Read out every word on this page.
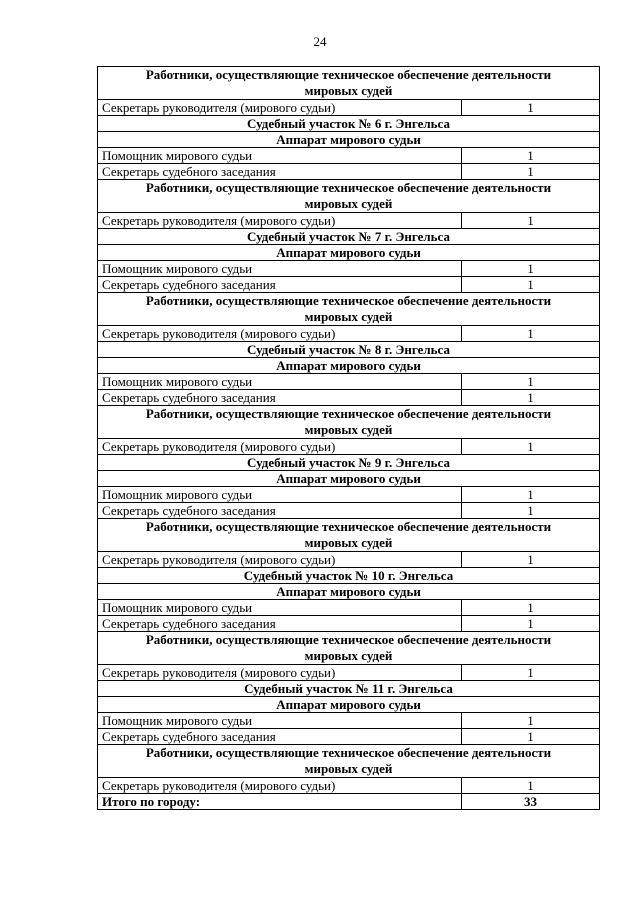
24
Работники, осуществляющие техническое обеспечение деятельности мировых судей	
Секретарь руководителя (мирового судьи)	1
Судебный участок № 6 г. Энгельса	
Аппарат мирового судьи	
Помощник мирового судьи	1
Секретарь судебного заседания	1
Работники, осуществляющие техническое обеспечение деятельности мировых судей	
Секретарь руководителя (мирового судьи)	1
Судебный участок № 7 г. Энгельса	
Аппарат мирового судьи	
Помощник мирового судьи	1
Секретарь судебного заседания	1
Работники, осуществляющие техническое обеспечение деятельности мировых судей	
Секретарь руководителя (мирового судьи)	1
Судебный участок № 8 г. Энгельса	
Аппарат мирового судьи	
Помощник мирового судьи	1
Секретарь судебного заседания	1
Работники, осуществляющие техническое обеспечение деятельности мировых судей	
Секретарь руководителя (мирового судьи)	1
Судебный участок № 9 г. Энгельса	
Аппарат мирового судьи	
Помощник мирового судьи	1
Секретарь судебного заседания	1
Работники, осуществляющие техническое обеспечение деятельности мировых судей	
Секретарь руководителя (мирового судьи)	1
Судебный участок № 10 г. Энгельса	
Аппарат мирового судьи	
Помощник мирового судьи	1
Секретарь судебного заседания	1
Работники, осуществляющие техническое обеспечение деятельности мировых судей	
Секретарь руководителя (мирового судьи)	1
Судебный участок № 11 г. Энгельса	
Аппарат мирового судьи	
Помощник мирового судьи	1
Секретарь судебного заседания	1
Работники, осуществляющие техническое обеспечение деятельности мировых судей	
Секретарь руководителя (мирового судьи)	1
Итого по городу:	33
